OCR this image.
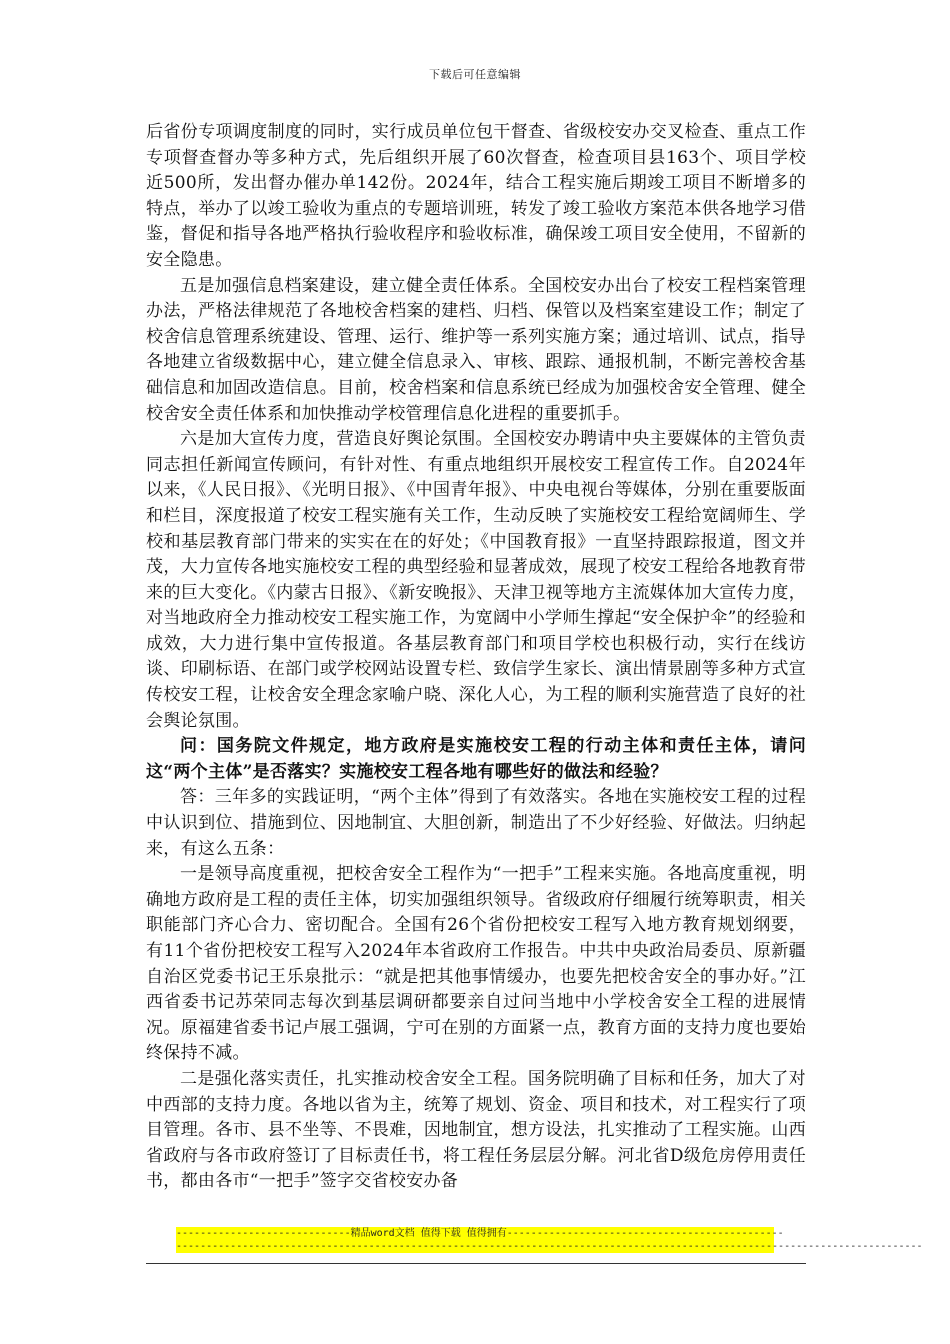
下载后可任意编辑

后省份专项调度制度的同时，实行成员单位包干督查、省级校安办交叉检查、重点工作专项督查督办等多种方式，先后组织开展了60次督查，检查项目县163个、项目学校近500所，发出督办催办单142份。2024年，结合工程实施后期竣工项目不断增多的特点，举办了以竣工验收为重点的专题培训班，转发了竣工验收方案范本供各地学习借鉴，督促和指导各地严格执行验收程序和验收标准，确保竣工项目安全使用，不留新的安全隐患。

五是加强信息档案建设，建立健全责任体系。全国校安办出台了校安工程档案管理办法，严格法律规范了各地校舍档案的建档、归档、保管以及档案室建设工作；制定了校舍信息管理系统建设、管理、运行、维护等一系列实施方案；通过培训、试点，指导各地建立省级数据中心，建立健全信息录入、审核、跟踪、通报机制，不断完善校舍基础信息和加固改造信息。目前，校舍档案和信息系统已经成为加强校舍安全管理、健全校舍安全责任体系和加快推动学校管理信息化进程的重要抓手。

六是加大宣传力度，营造良好舆论氛围。全国校安办聘请中央主要媒体的主管负责同志担任新闻宣传顾问，有针对性、有重点地组织开展校安工程宣传工作。自2024年以来，《人民日报》、《光明日报》、《中国青年报》、中央电视台等媒体，分别在重要版面和栏目，深度报道了校安工程实施有关工作，生动反映了实施校安工程给宽阔师生、学校和基层教育部门带来的实实在在的好处；《中国教育报》一直坚持跟踪报道，图文并茂，大力宣传各地实施校安工程的典型经验和显著成效，展现了校安工程给各地教育带来的巨大变化。《内蒙古日报》、《新安晚报》、天津卫视等地方主流媒体加大宣传力度，对当地政府全力推动校安工程实施工作，为宽阔中小学师生撑起“安全保护伞”的经验和成效，大力进行集中宣传报道。各基层教育部门和项目学校也积极行动，实行在线访谈、印刷标语、在部门或学校网站设置专栏、致信学生家长、演出情景剧等多种方式宣传校安工程，让校舍安全理念家喻户晓、深化人心，为工程的顺利实施营造了良好的社会舆论氛围。

问：国务院文件规定，地方政府是实施校安工程的行动主体和责任主体，请问这“两个主体”是否落实？实施校安工程各地有哪些好的做法和经验？

答：三年多的实践证明，“两个主体”得到了有效落实。各地在实施校安工程的过程中认识到位、措施到位、因地制宜、大胆创新，制造出了不少好经验、好做法。归纳起来，有这么五条：

一是领导高度重视，把校舍安全工程作为“一把手”工程来实施。各地高度重视，明确地方政府是工程的责任主体，切实加强组织领导。省级政府仔细履行统筹职责，相关职能部门齐心合力、密切配合。全国有26个省份把校安工程写入地方教育规划纲要，有11个省份把校安工程写入2024年本省政府工作报告。中共中央政治局委员、原新疆自治区党委书记王乐泉批示：“就是把其他事情缓办，也要先把校舍安全的事办好。”江西省委书记苏荣同志每次到基层调研都要亲自过问当地中小学校舍安全工程的进展情况。原福建省委书记卢展工强调，宁可在别的方面紧一点，教育方面的支持力度也要始终保持不减。

二是强化落实责任，扎实推动校舍安全工程。国务院明确了目标和任务，加大了对中西部的支持力度。各地以省为主，统筹了规划、资金、项目和技术，对工程实行了项目管理。各市、县不坐等、不畏难，因地制宜，想方设法，扎实推动了工程实施。山西省政府与各市政府签订了目标责任书，将工程任务层层分解。河北省D级危房停用责任书，都由各市“一把手”签字交省校安办备

-----------------------------精品word文档 值得下载 值得拥有----------------------------------------------
----------------------------------------------------------------------------------------------------------------------------
